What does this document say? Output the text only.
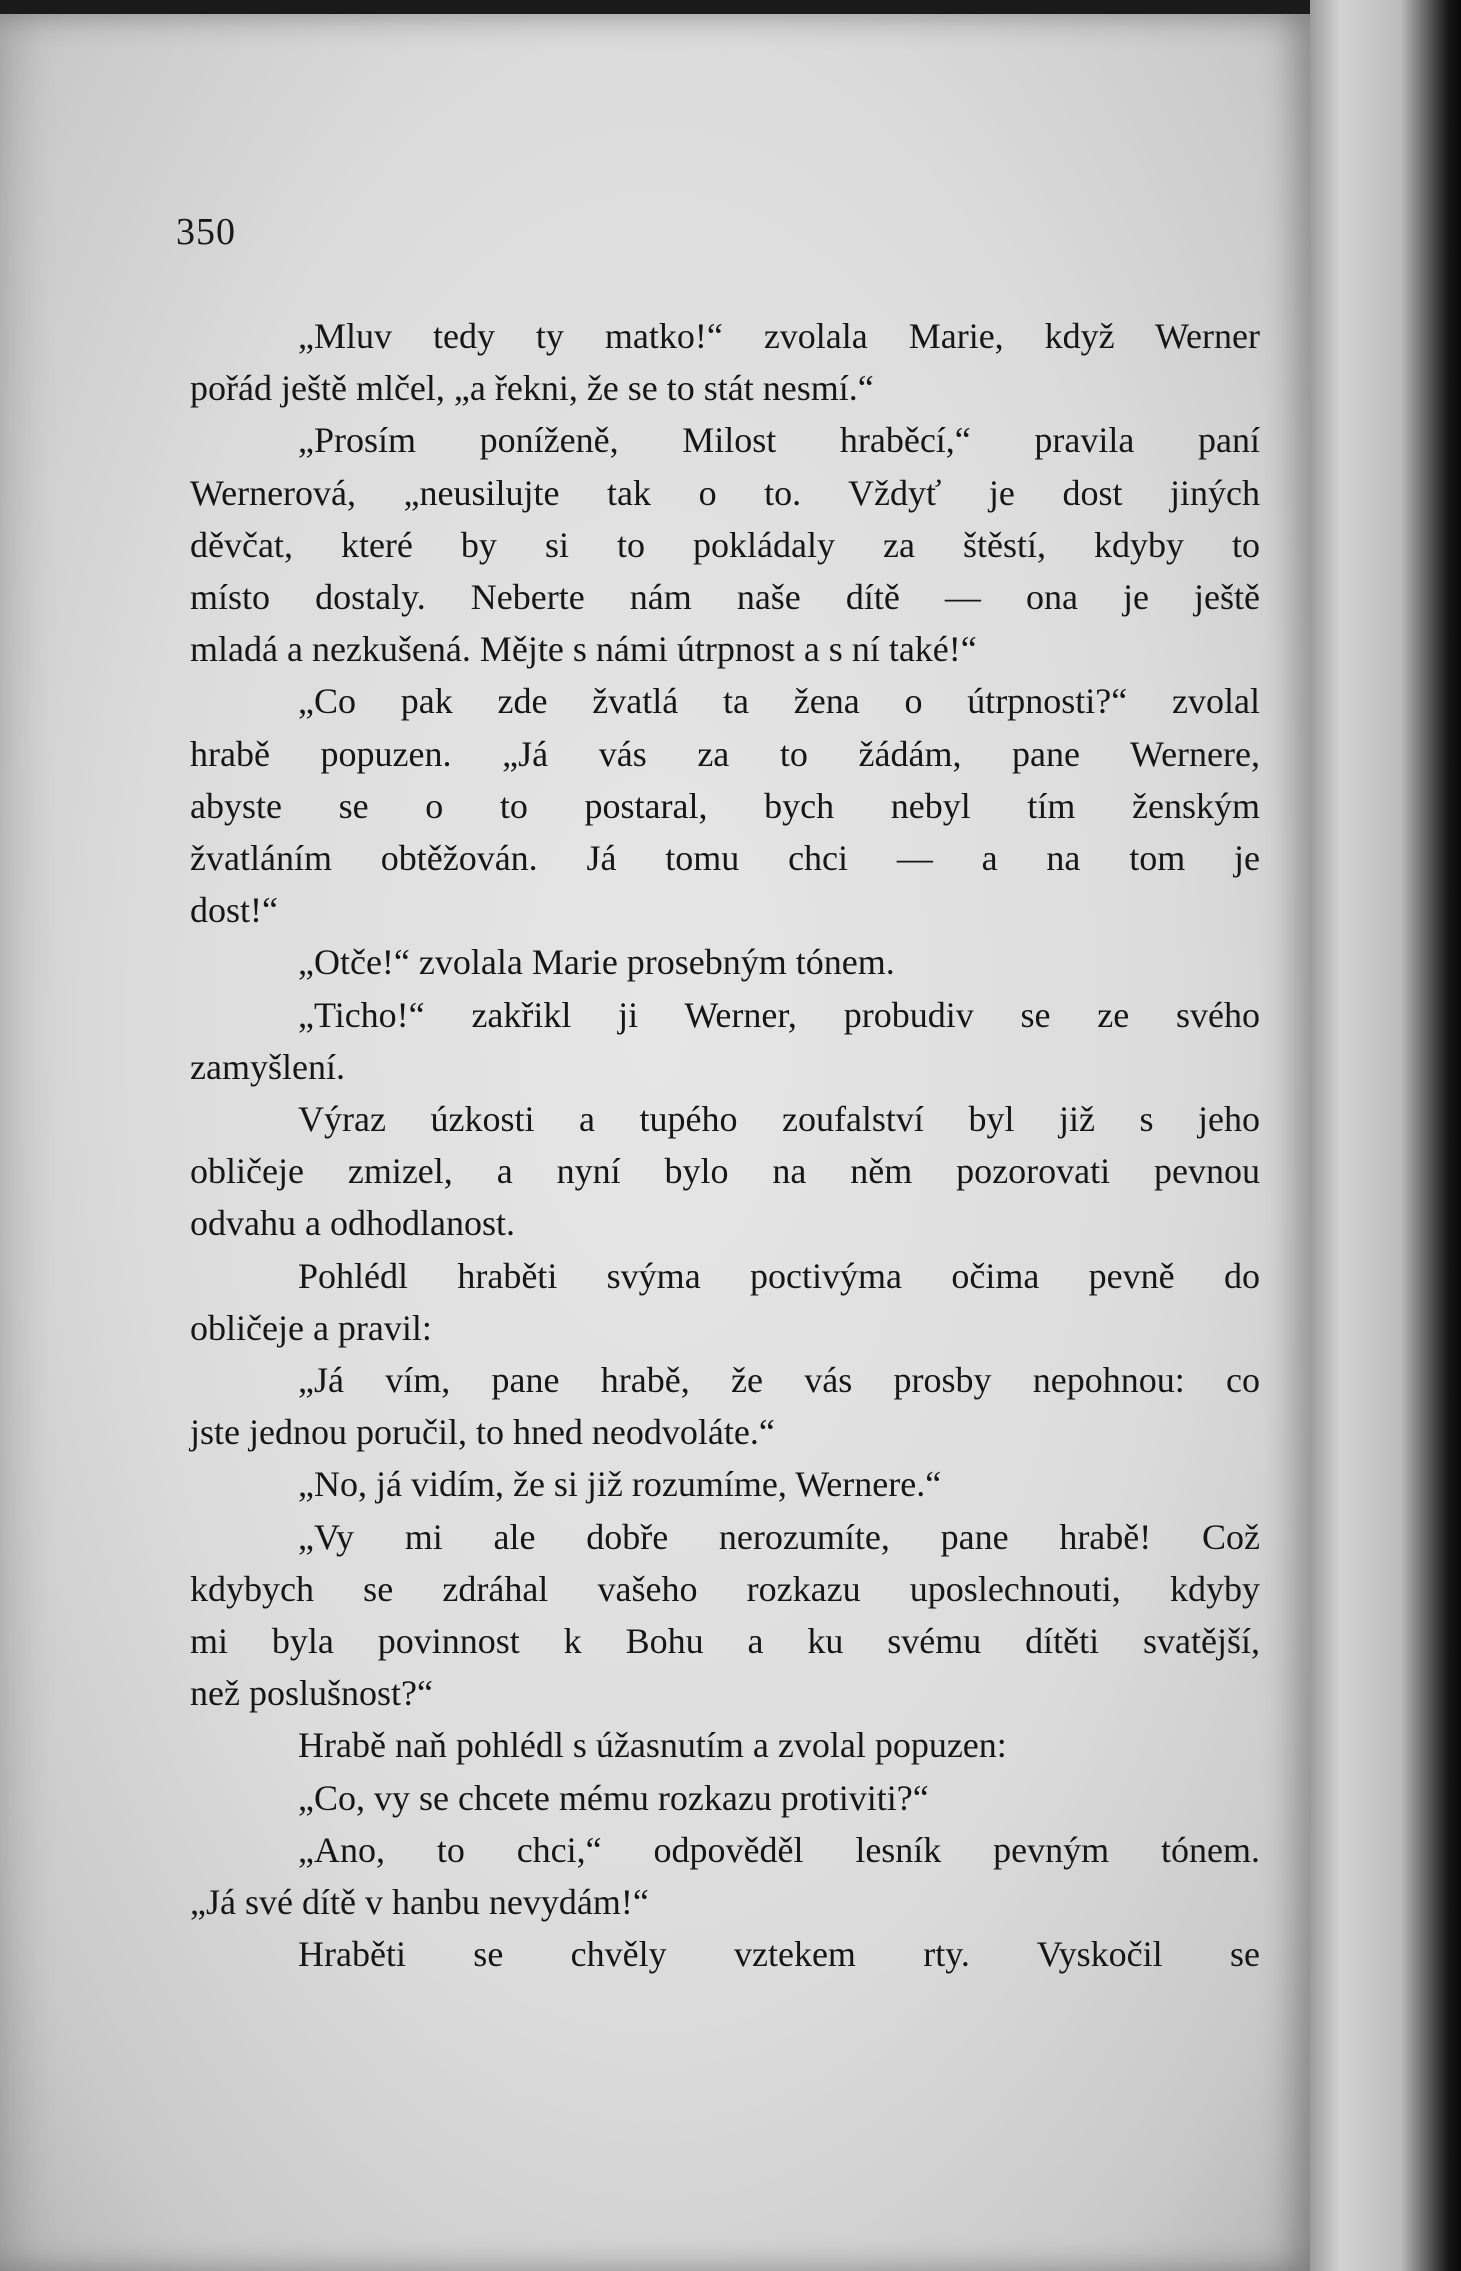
350
„Mluv tedy ty matko!“ zvolala Marie, když Werner
pořád ještě mlčel, „a řekni, že se to stát nesmí.“
„Prosím poníženě, Milost hraběcí,“ pravila paní
Wernerová, „neusilujte tak o to. Vždyť je dost jiných
děvčat, které by si to pokládaly za štěstí, kdyby to
místo dostaly. Neberte nám naše dítě — ona je ještě
mladá a nezkušená. Mějte s námi útrpnost a s ní také!“
„Co pak zde žvatlá ta žena o útrpnosti?“ zvolal
hrabě popuzen. „Já vás za to žádám, pane Wernere,
abyste se o to postaral, bych nebyl tím ženským
žvatláním obtěžován. Já tomu chci — a na tom je
dost!“
„Otče!“ zvolala Marie prosebným tónem.
„Ticho!“ zakřikl ji Werner, probudiv se ze svého
zamyšlení.
Výraz úzkosti a tupého zoufalství byl již s jeho
obličeje zmizel, a nyní bylo na něm pozorovati pevnou
odvahu a odhodlanost.
Pohlédl hraběti svýma poctivýma očima pevně do
obličeje a pravil:
„Já vím, pane hrabě, že vás prosby nepohnou: co
jste jednou poručil, to hned neodvoláte.“
„No, já vidím, že si již rozumíme, Wernere.“
„Vy mi ale dobře nerozumíte, pane hrabě! Což
kdybych se zdráhal vašeho rozkazu uposlechnouti, kdyby
mi byla povinnost k Bohu a ku svému dítěti svatější,
než poslušnost?“
Hrabě naň pohlédl s úžasnutím a zvolal popuzen:
„Co, vy se chcete mému rozkazu protiviti?“
„Ano, to chci,“ odpověděl lesník pevným tónem.
„Já své dítě v hanbu nevydám!“
Hraběti se chvěly vztekem rty. Vyskočil se
